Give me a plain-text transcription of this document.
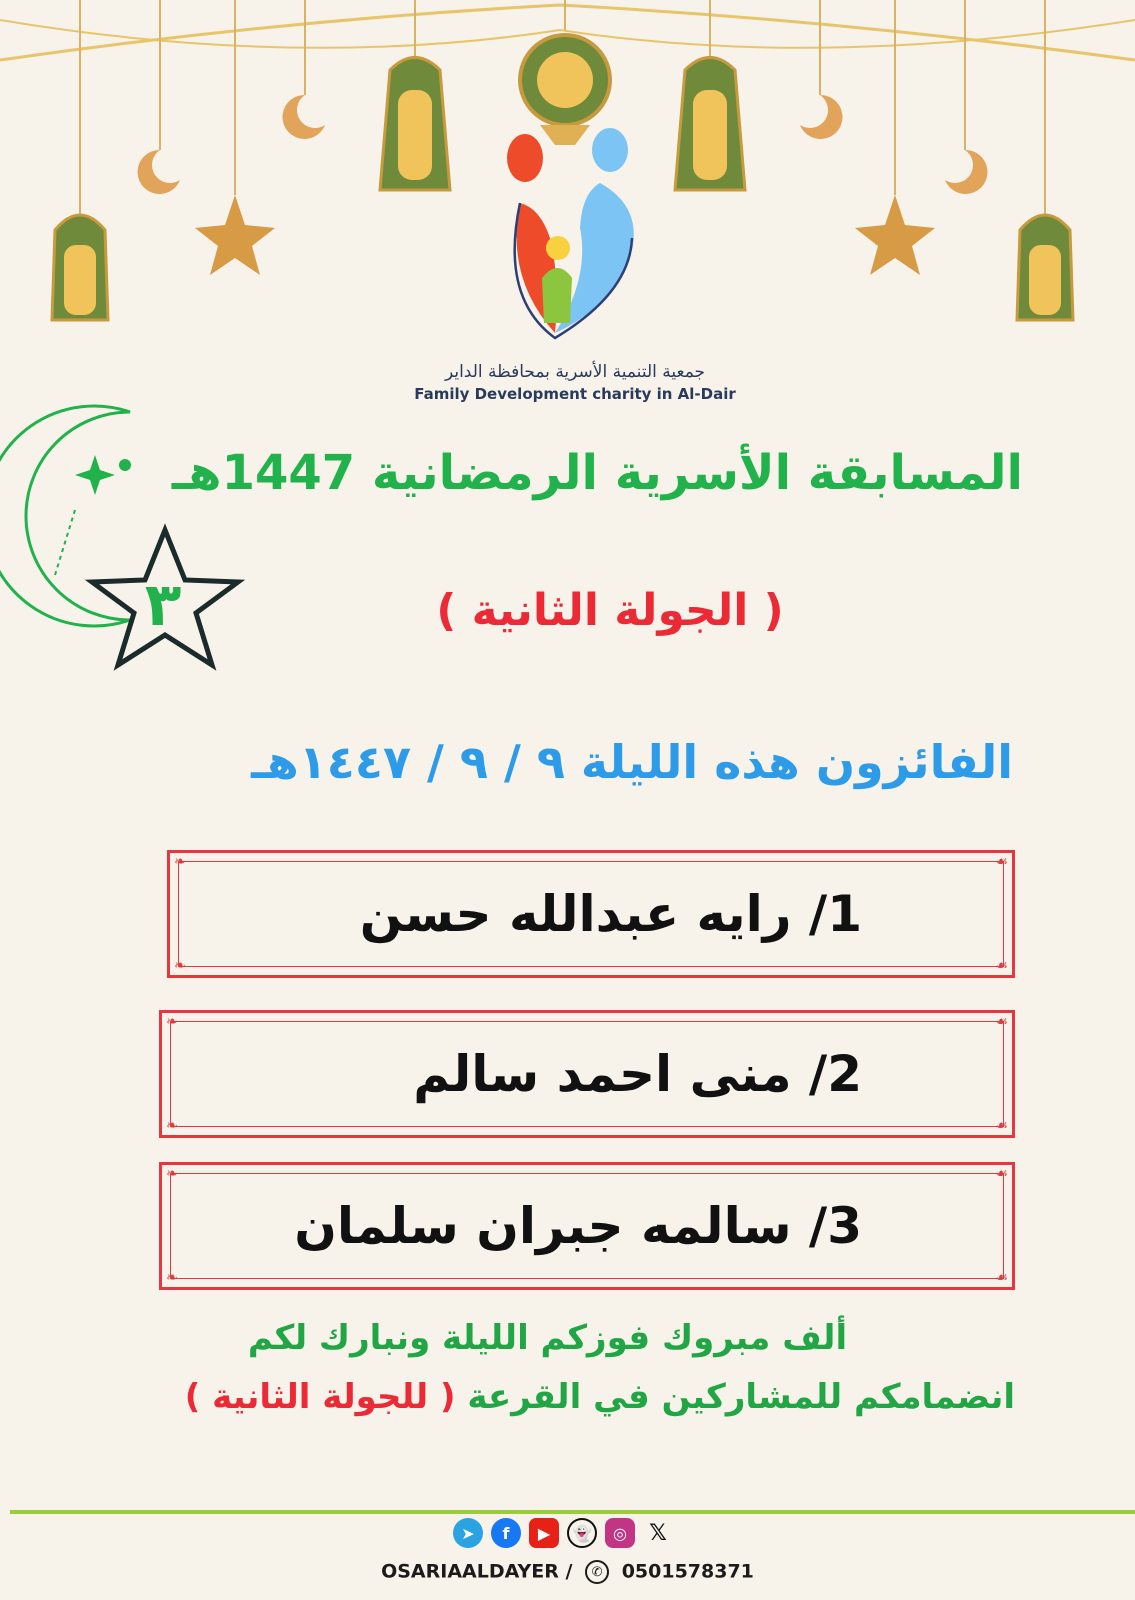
جمعية التنمية الأسرية بمحافظة الداير
Family Development charity in Al-Dair
٣
المسابقة الأسرية الرمضانية 1447هـ
( الجولة الثانية )
الفائزون هذه الليلة ٩ / ٩ / ١٤٤٧هـ
❧	☙
❧	☙
1/ رايه عبدالله حسن
❧	☙
❧	☙
2/ منى احمد سالم
❧	☙
❧	☙
3/ سالمه جبران سلمان
ألف مبروك فوزكم الليلة ونبارك لكم
انضمامكم للمشاركين في القرعة ( للجولة الثانية )
➤	f	▶	👻	◎	𝕏
OSARIAALDAYER / ✆ 0501578371
